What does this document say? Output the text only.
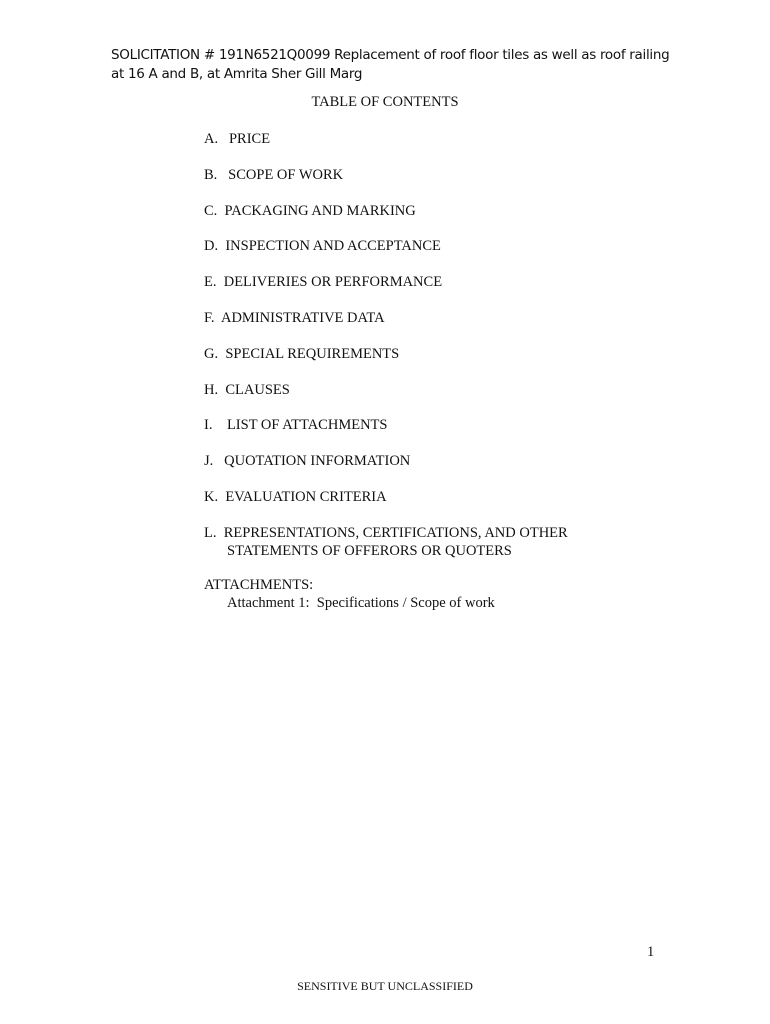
SOLICITATION # 191N6521Q0099 Replacement of roof floor tiles as well as roof railing at 16 A and B, at Amrita Sher Gill Marg
TABLE OF CONTENTS
A.   PRICE
B.   SCOPE OF WORK
C.  PACKAGING AND MARKING
D.  INSPECTION AND ACCEPTANCE
E.  DELIVERIES OR PERFORMANCE
F.  ADMINISTRATIVE DATA
G.  SPECIAL REQUIREMENTS
H.  CLAUSES
I.    LIST OF ATTACHMENTS
J.   QUOTATION INFORMATION
K.  EVALUATION CRITERIA
L.  REPRESENTATIONS, CERTIFICATIONS, AND OTHER
STATEMENTS OF OFFERORS OR QUOTERS
ATTACHMENTS:
Attachment 1:  Specifications / Scope of work
1
SENSITIVE BUT UNCLASSIFIED
